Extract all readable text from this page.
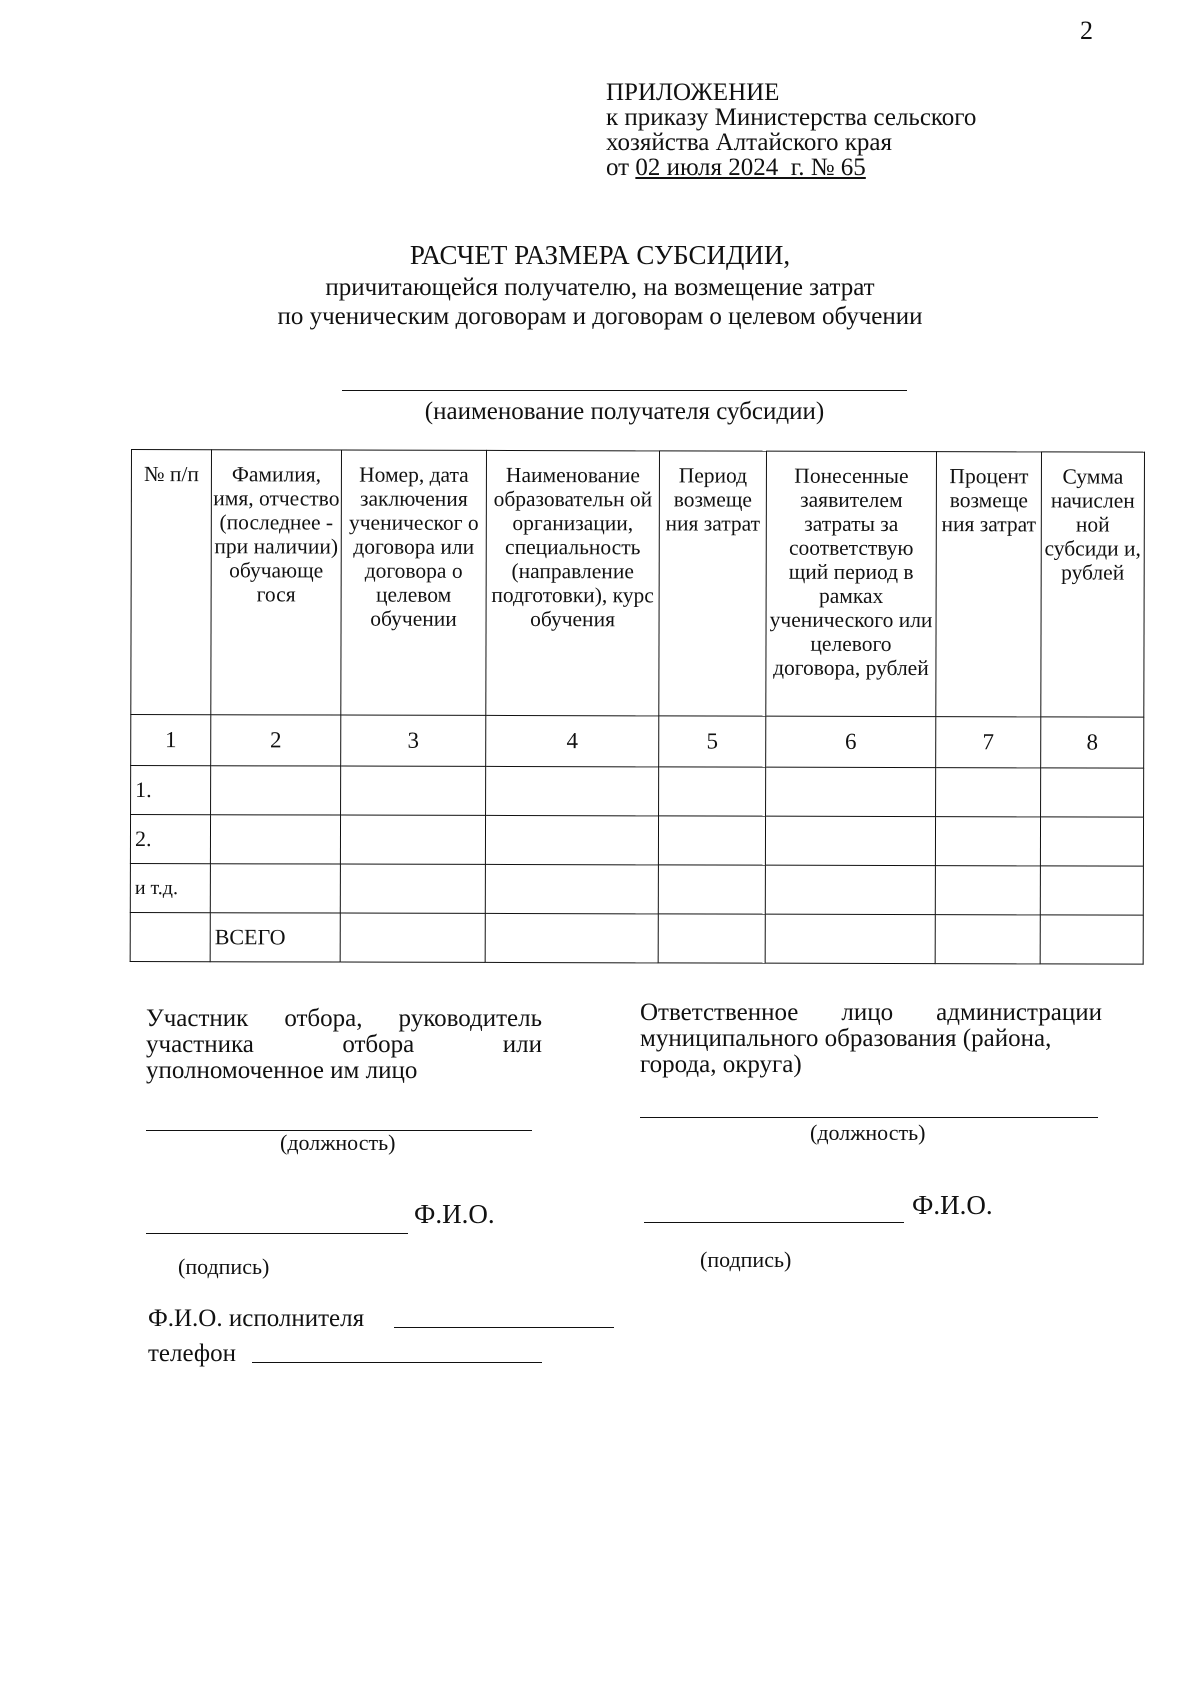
2
ПРИЛОЖЕНИЕ
к приказу Министерства сельского
хозяйства Алтайского края
от 02 июля 2024  г. № 65
РАСЧЕТ РАЗМЕРА СУБСИДИИ,
причитающейся получателю, на возмещение затрат
по ученическим договорам и договорам о целевом обучении
(наименование получателя субсидии)
№ п/п	Фамилия, имя, отчество (последнее - при наличии) обучающе гося	Номер, дата заключения ученическог о договора или договора о целевом обучении	Наименование образовательн ой организации, специальность (направление подготовки), курс обучения	Период возмеще ния затрат	Понесенные заявителем затраты за соответствую щий период в рамках ученического или целевого договора, рублей	Процент возмеще ния затрат	Сумма начислен ной субсиди и, рублей
1	2	3	4	5	6	7	8
1.							
2.							
и т.д.							
	ВСЕГО						
Участник отбора, руководитель
участника	отбора	или
уполномоченное им лицо
Ответственное лицо администрации
муниципального образования (района,
города, округа)
(должность)	(должность)
Ф.И.О.
(подпись)
Ф.И.О.
(подпись)
Ф.И.О. исполнителя
телефон
